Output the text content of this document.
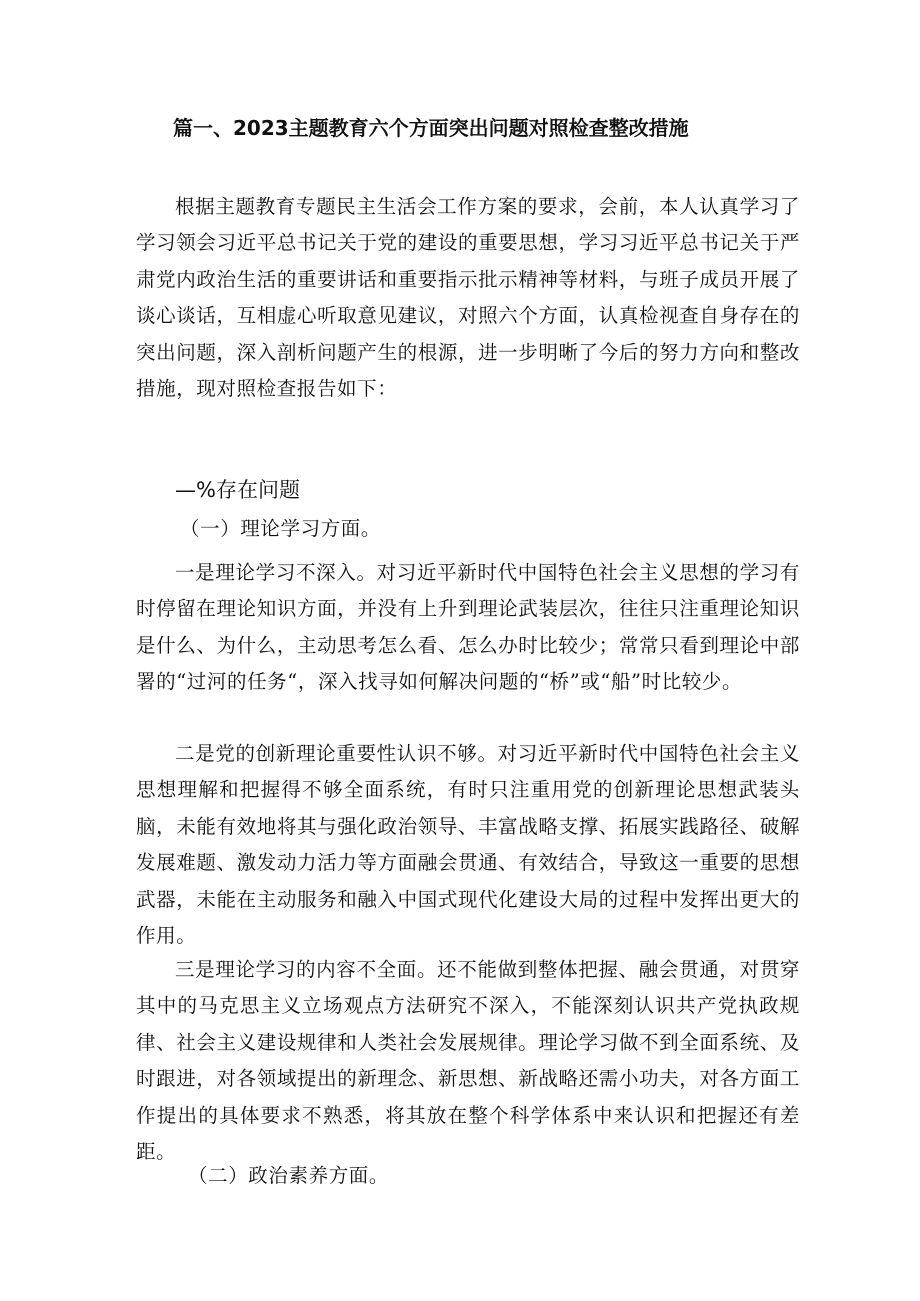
篇一、2023主题教育六个方面突出问题对照检查整改措施

根据主题教育专题民主生活会工作方案的要求，会前，本人认真学习了学习领会习近平总书记关于党的建设的重要思想，学习习近平总书记关于严肃党内政治生活的重要讲话和重要指示批示精神等材料，与班子成员开展了谈心谈话，互相虚心听取意见建议，对照六个方面，认真检视查自身存在的突出问题，深入剖析问题产生的根源，进一步明晰了今后的努力方向和整改措施，现对照检查报告如下：

—%存在问题
（一）理论学习方面。

一是理论学习不深入。对习近平新时代中国特色社会主义思想的学习有时停留在理论知识方面，并没有上升到理论武装层次，往往只注重理论知识是什么、为什么，主动思考怎么看、怎么办时比较少；常常只看到理论中部署的“过河的任务“，深入找寻如何解决问题的“桥”或“船”时比较少。

二是党的创新理论重要性认识不够。对习近平新时代中国特色社会主义思想理解和把握得不够全面系统，有时只注重用党的创新理论思想武装头脑，未能有效地将其与强化政治领导、丰富战略支撑、拓展实践路径、破解发展难题、激发动力活力等方面融会贯通、有效结合，导致这一重要的思想武器，未能在主动服务和融入中国式现代化建设大局的过程中发挥出更大的作用。

三是理论学习的内容不全面。还不能做到整体把握、融会贯通，对贯穿其中的马克思主义立场观点方法研究不深入，不能深刻认识共产党执政规律、社会主义建设规律和人类社会发展规律。理论学习做不到全面系统、及时跟进，对各领域提出的新理念、新思想、新战略还需小功夫，对各方面工作提出的具体要求不熟悉，将其放在整个科学体系中来认识和把握还有差距。

（二）政治素养方面。
